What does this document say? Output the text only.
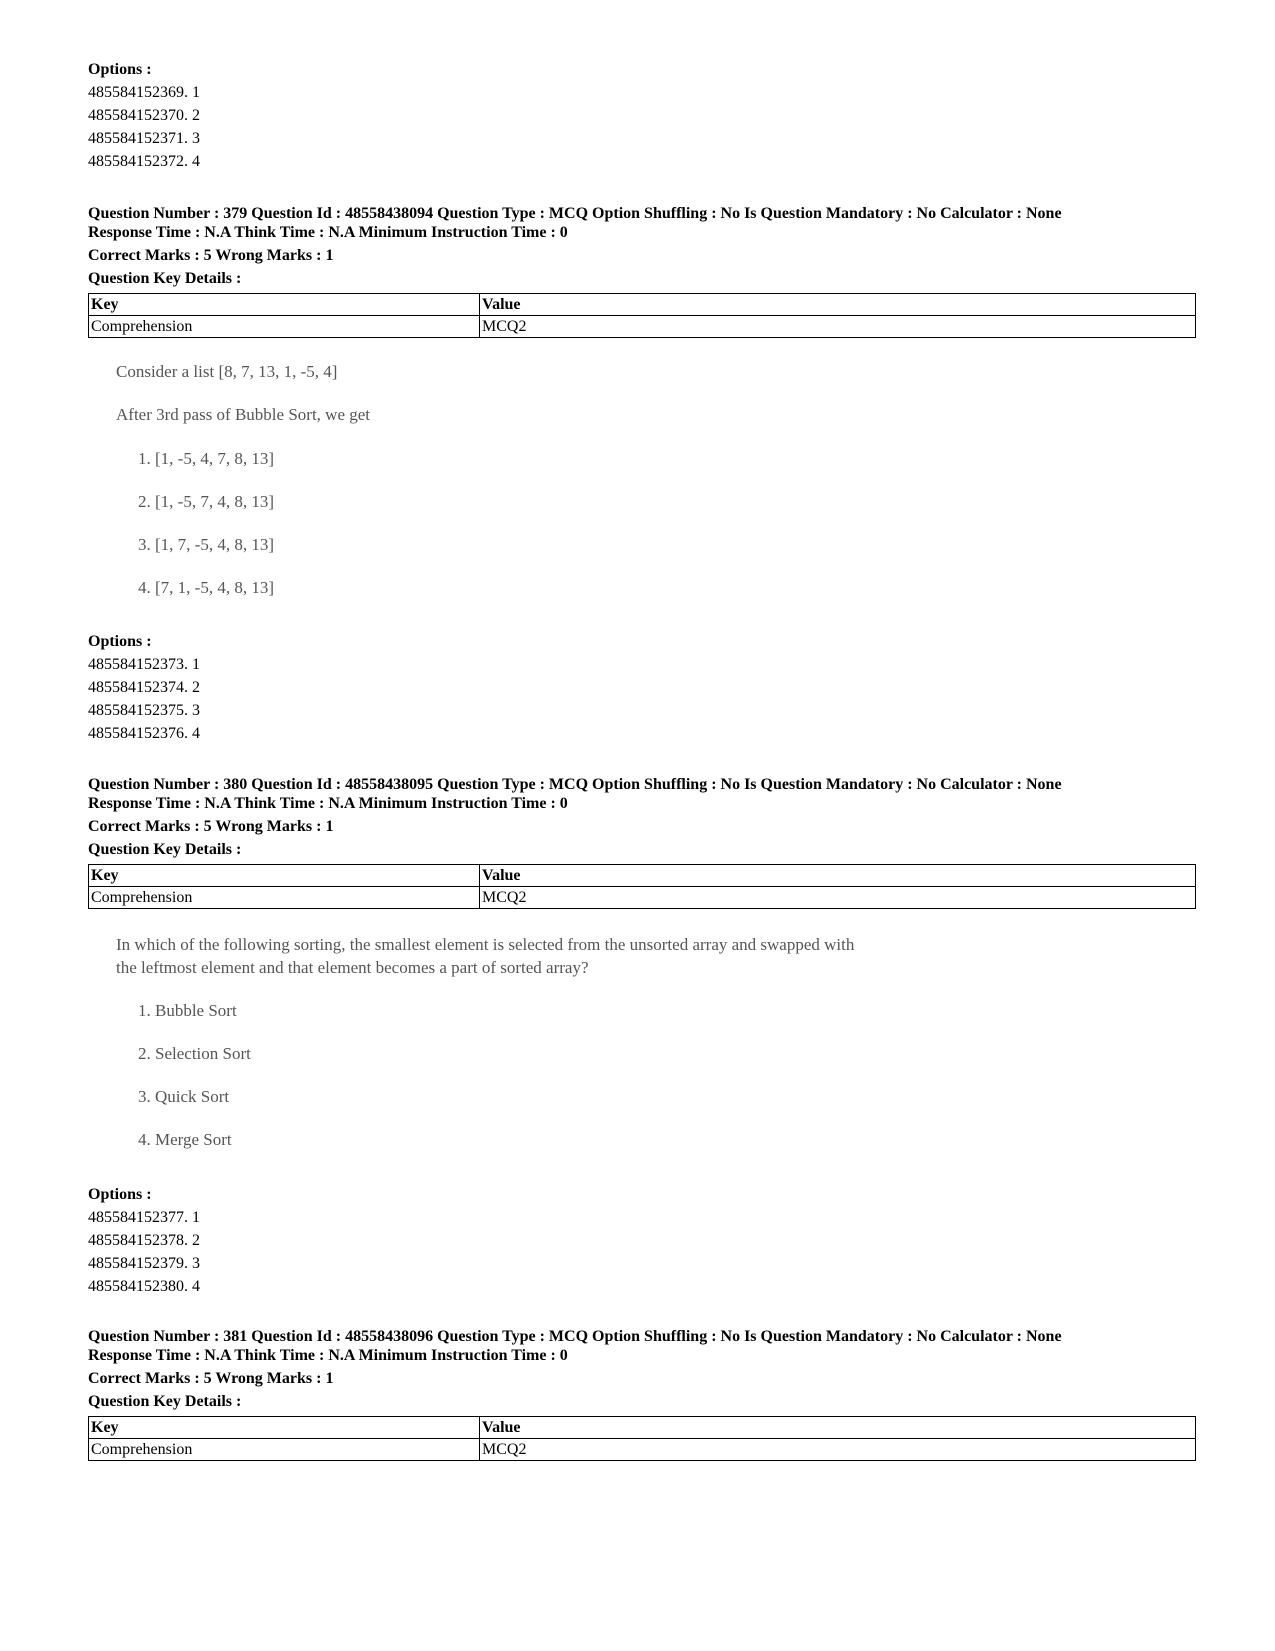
Options :
485584152369. 1
485584152370. 2
485584152371. 3
485584152372. 4
Question Number : 379 Question Id : 48558438094 Question Type : MCQ Option Shuffling : No Is Question Mandatory : No Calculator : None
Response Time : N.A Think Time : N.A Minimum Instruction Time : 0
Correct Marks : 5 Wrong Marks : 1
Question Key Details :
Key	Value
Comprehension	MCQ2
Consider a list [8, 7, 13, 1, -5, 4]
After 3rd pass of Bubble Sort, we get
1. [1, -5, 4, 7, 8, 13]
2. [1, -5, 7, 4, 8, 13]
3. [1, 7, -5, 4, 8, 13]
4. [7, 1, -5, 4, 8, 13]
Options :
485584152373. 1
485584152374. 2
485584152375. 3
485584152376. 4
Question Number : 380 Question Id : 48558438095 Question Type : MCQ Option Shuffling : No Is Question Mandatory : No Calculator : None
Response Time : N.A Think Time : N.A Minimum Instruction Time : 0
Correct Marks : 5 Wrong Marks : 1
Question Key Details :
Key	Value
Comprehension	MCQ2
In which of the following sorting, the smallest element is selected from the unsorted array and swapped with
the leftmost element and that element becomes a part of sorted array?
1. Bubble Sort
2. Selection Sort
3. Quick Sort
4. Merge Sort
Options :
485584152377. 1
485584152378. 2
485584152379. 3
485584152380. 4
Question Number : 381 Question Id : 48558438096 Question Type : MCQ Option Shuffling : No Is Question Mandatory : No Calculator : None
Response Time : N.A Think Time : N.A Minimum Instruction Time : 0
Correct Marks : 5 Wrong Marks : 1
Question Key Details :
Key	Value
Comprehension	MCQ2
